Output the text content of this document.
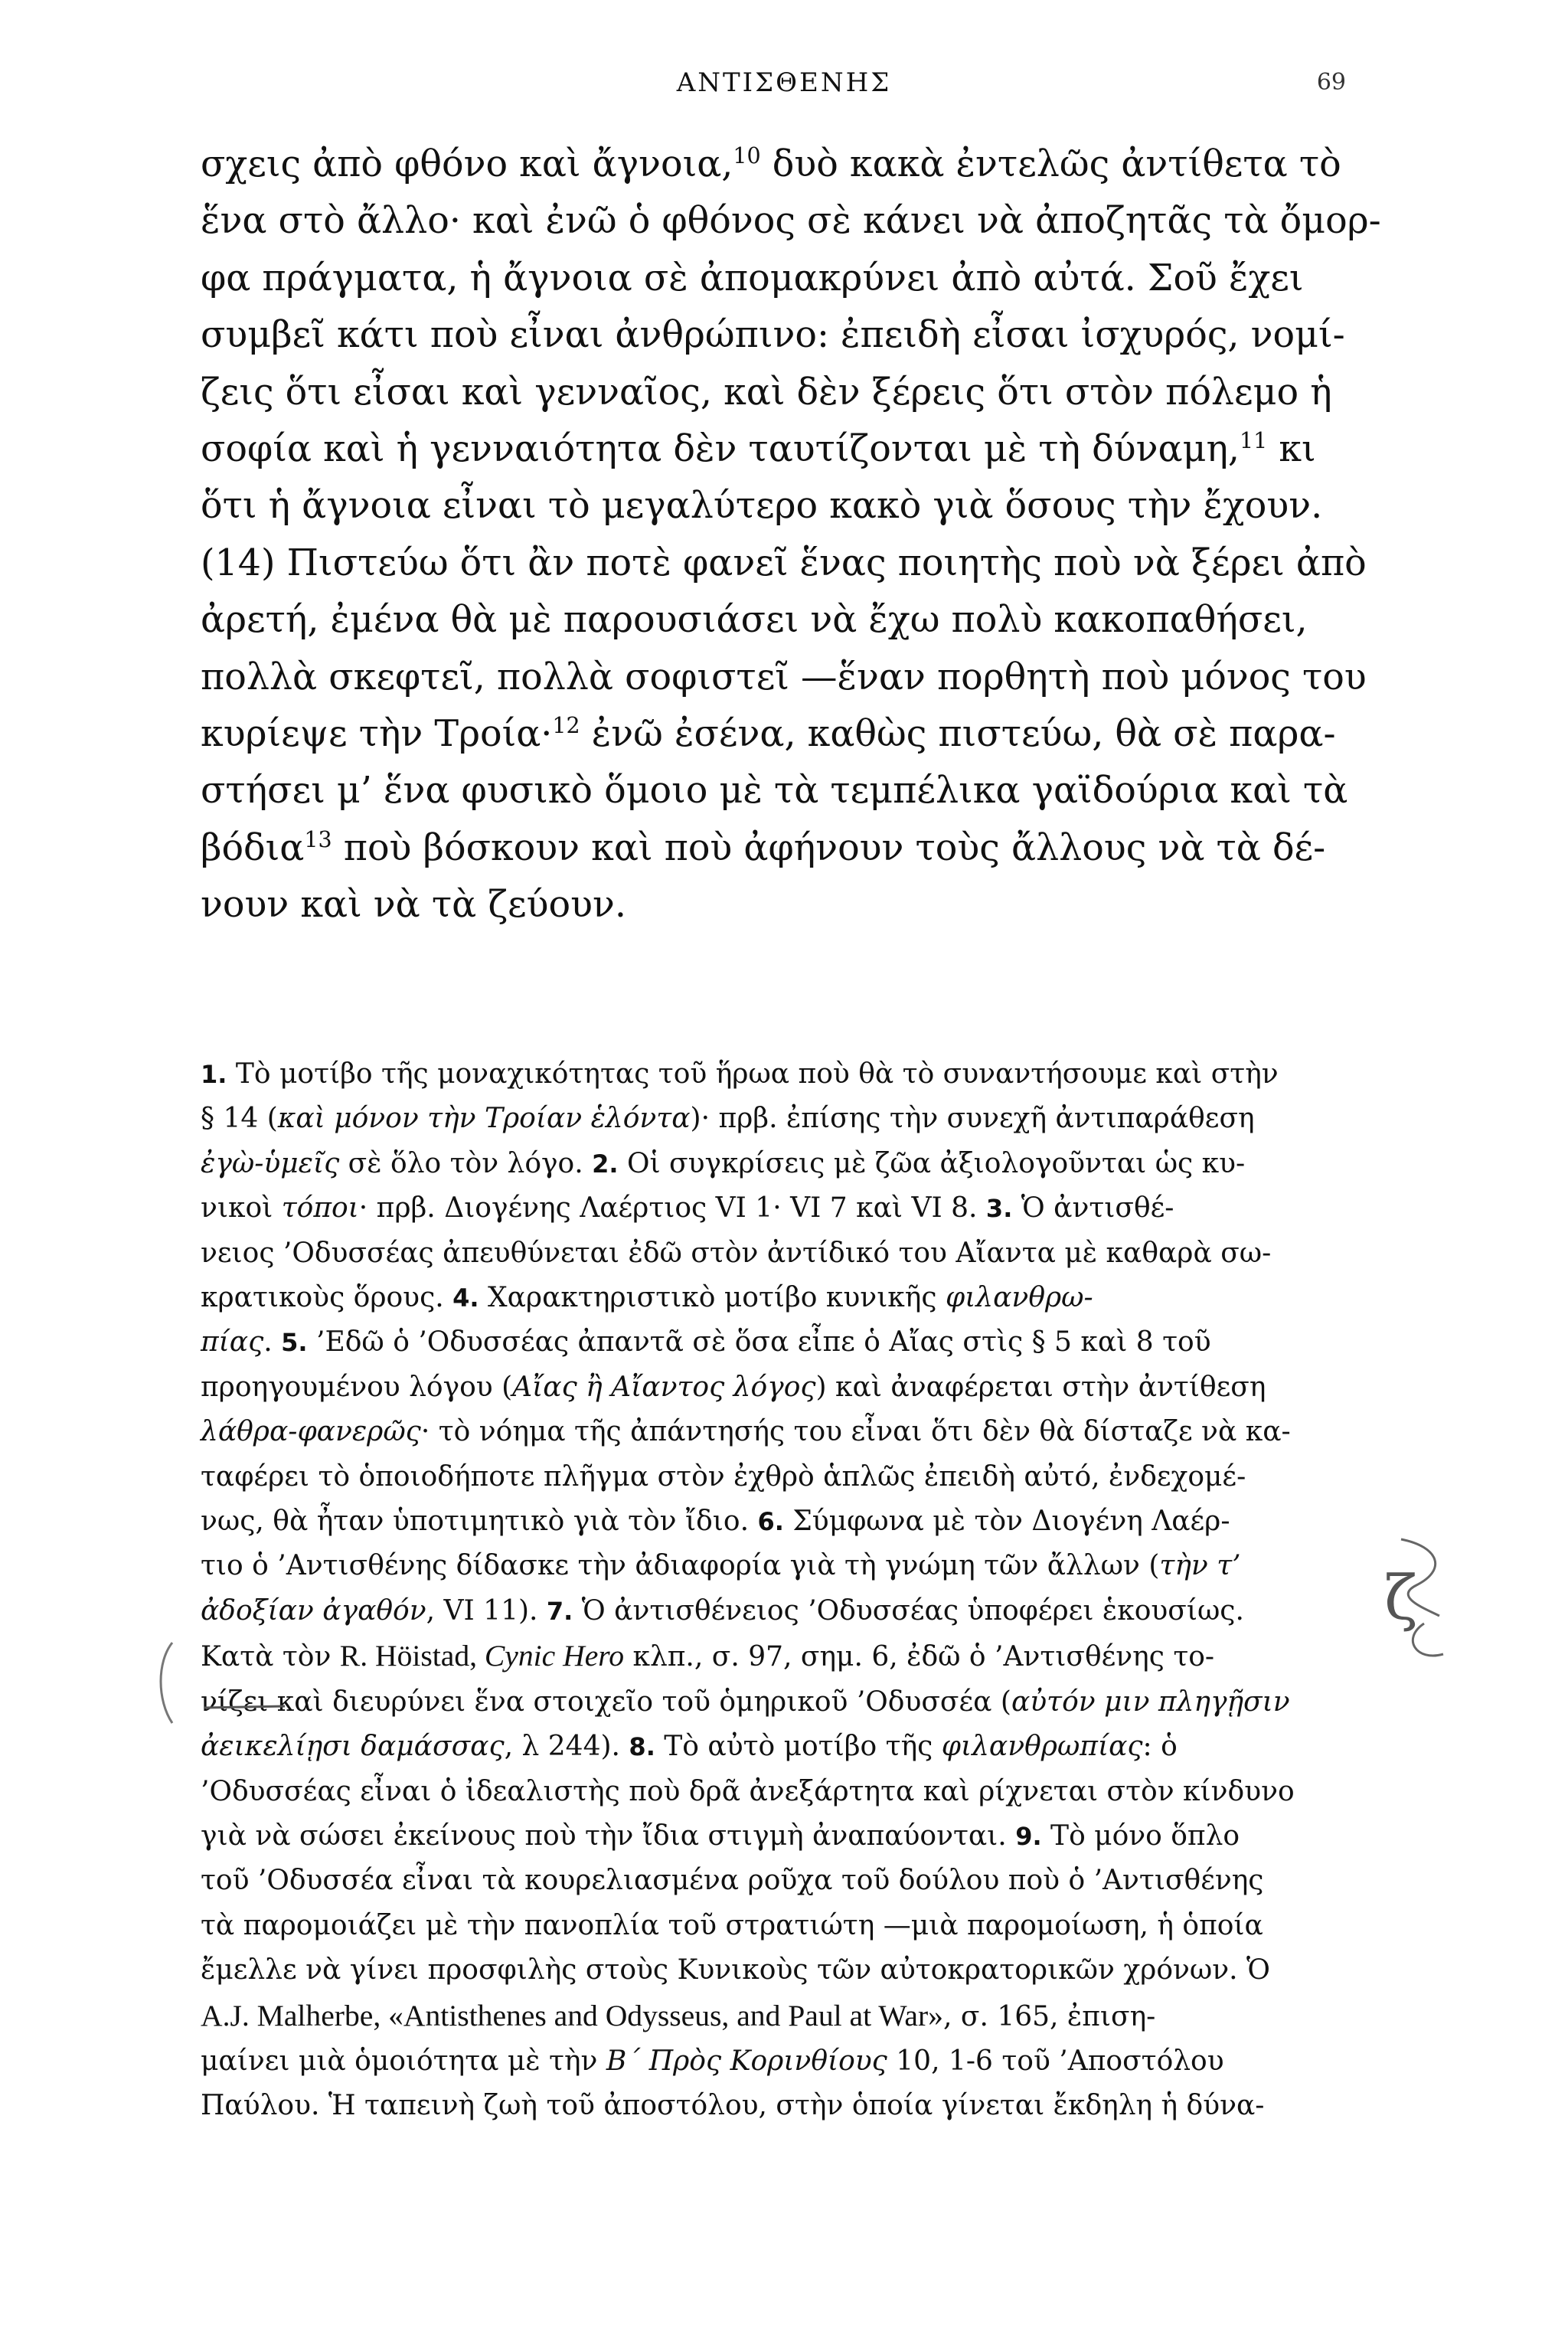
ΑΝΤΙΣΘΕΝΗΣ	69
σχεις ἀπὸ φθόνο καὶ ἄγνοια,$^{10}$ δυὸ κακὰ ἐντελῶς ἀντίθετα τὸ
ἕνα στὸ ἄλλο· καὶ ἐνῶ ὁ φθόνος σὲ κάνει νὰ ἀποζητᾶς τὰ ὄμορ-
φα πράγματα, ἡ ἄγνοια σὲ ἀπομακρύνει ἀπὸ αὐτά. Σοῦ ἔχει
συμβεῖ κάτι ποὺ εἶναι ἀνθρώπινο: ἐπειδὴ εἶσαι ἰσχυρός, νομί-
ζεις ὅτι εἶσαι καὶ γενναῖος, καὶ δὲν ξέρεις ὅτι στὸν πόλεμο ἡ
σοφία καὶ ἡ γενναιότητα δὲν ταυτίζονται μὲ τὴ δύναμη,$^{11}$ κι
ὅτι ἡ ἄγνοια εἶναι τὸ μεγαλύτερο κακὸ γιὰ ὅσους τὴν ἔχουν.
(14) Πιστεύω ὅτι ἂν ποτὲ φανεῖ ἕνας ποιητὴς ποὺ νὰ ξέρει ἀπὸ
ἀρετή, ἐμένα θὰ μὲ παρουσιάσει νὰ ἔχω πολὺ κακοπαθήσει,
πολλὰ σκεφτεῖ, πολλὰ σοφιστεῖ —ἕναν πορθητὴ ποὺ μόνος του
κυρίεψε τὴν Τροία·$^{12}$ ἐνῶ ἐσένα, καθὼς πιστεύω, θὰ σὲ παρα-
στήσει μ’ ἕνα φυσικὸ ὅμοιο μὲ τὰ τεμπέλικα γαϊδούρια καὶ τὰ
βόδια$^{13}$ ποὺ βόσκουν καὶ ποὺ ἀφήνουν τοὺς ἄλλους νὰ τὰ δέ-
νουν καὶ νὰ τὰ ζεύουν.
1. Τὸ μοτίβο τῆς μοναχικότητας τοῦ ἥρωα ποὺ θὰ τὸ συναντήσουμε καὶ στὴν
§ 14 (καὶ μόνον τὴν Τροίαν ἑλόντα)· πρβ. ἐπίσης τὴν συνεχῆ ἀντιπαράθεση
ἐγὼ-ὑμεῖς σὲ ὅλο τὸν λόγο. 2. Οἱ συγκρίσεις μὲ ζῶα ἀξιολογοῦνται ὡς κυ-
νικοὶ τόποι· πρβ. Διογένης Λαέρτιος VI 1· VI 7 καὶ VI 8. 3. Ὁ ἀντισθέ-
νειος ’Οδυσσέας ἀπευθύνεται ἐδῶ στὸν ἀντίδικό του Αἴαντα μὲ καθαρὰ σω-
κρατικοὺς ὅρους. 4. Χαρακτηριστικὸ μοτίβο κυνικῆς φιλανθρω-
πίας. 5. ’Εδῶ ὁ ’Οδυσσέας ἀπαντᾶ σὲ ὅσα εἶπε ὁ Αἴας στὶς § 5 καὶ 8 τοῦ
προηγουμένου λόγου (Αἴας ἢ Αἴαντος λόγος) καὶ ἀναφέρεται στὴν ἀντίθεση
λάθρα-φανερῶς· τὸ νόημα τῆς ἀπάντησής του εἶναι ὅτι δὲν θὰ δίσταζε νὰ κα-
ταφέρει τὸ ὁποιοδήποτε πλῆγμα στὸν ἐχθρὸ ἁπλῶς ἐπειδὴ αὐτό, ἐνδεχομέ-
νως, θὰ ἦταν ὑποτιμητικὸ γιὰ τὸν ἴδιο. 6. Σύμφωνα μὲ τὸν Διογένη Λαέρ-
τιο ὁ ’Αντισθένης δίδασκε τὴν ἀδιαφορία γιὰ τὴ γνώμη τῶν ἄλλων (τὴν τ’
ἀδοξίαν ἀγαθόν, VI 11). 7. Ὁ ἀντισθένειος ’Οδυσσέας ὑποφέρει ἑκουσίως.
Κατὰ τὸν R. Höistad, Cynic Hero κλπ., σ. 97, σημ. 6, ἐδῶ ὁ ’Αντισθένης το-
νίζει καὶ διευρύνει ἕνα στοιχεῖο τοῦ ὁμηρικοῦ ’Οδυσσέα (αὐτόν μιν πληγῇσιν
ἀεικελίῃσι δαμάσσας, λ 244). 8. Τὸ αὐτὸ μοτίβο τῆς φιλανθρωπίας: ὁ
’Οδυσσέας εἶναι ὁ ἰδεαλιστὴς ποὺ δρᾶ ἀνεξάρτητα καὶ ρίχνεται στὸν κίνδυνο
γιὰ νὰ σώσει ἐκείνους ποὺ τὴν ἴδια στιγμὴ ἀναπαύονται. 9. Τὸ μόνο ὅπλο
τοῦ ’Οδυσσέα εἶναι τὰ κουρελιασμένα ροῦχα τοῦ δούλου ποὺ ὁ ’Αντισθένης
τὰ παρομοιάζει μὲ τὴν πανοπλία τοῦ στρατιώτη —μιὰ παρομοίωση, ἡ ὁποία
ἔμελλε νὰ γίνει προσφιλὴς στοὺς Κυνικοὺς τῶν αὐτοκρατορικῶν χρόνων. Ὁ
A.J. Malherbe, «Antisthenes and Odysseus, and Paul at War», σ. 165, ἐπιση-
μαίνει μιὰ ὁμοιότητα μὲ τὴν Β΄ Πρὸς Κορινθίους 10, 1-6 τοῦ ’Αποστόλου
Παύλου. Ἡ ταπεινὴ ζωὴ τοῦ ἀποστόλου, στὴν ὁποία γίνεται ἔκδηλη ἡ δύνα-
ζ
